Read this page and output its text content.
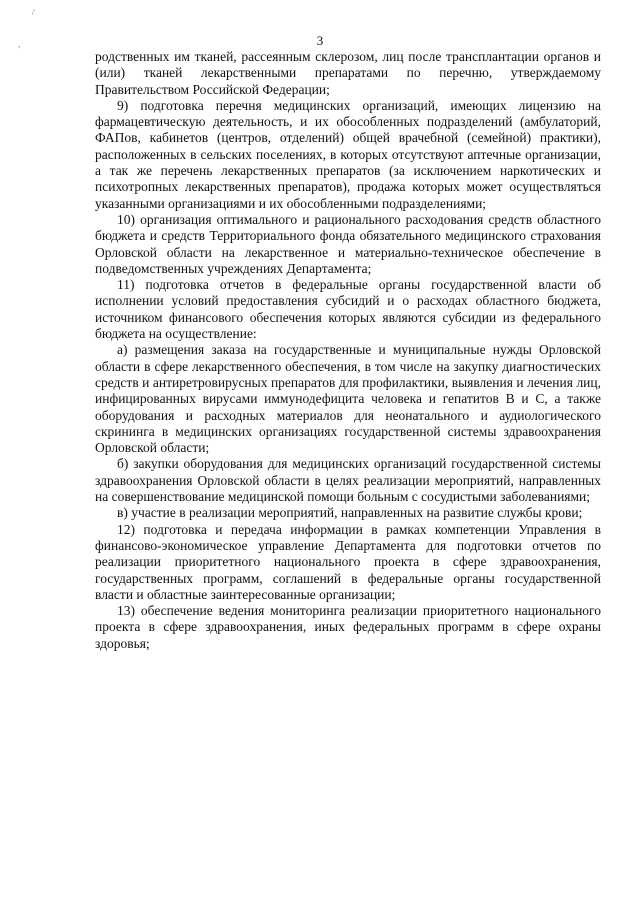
/
,	3

родственных им тканей, рассеянным склерозом, лиц после трансплантации органов и (или) тканей лекарственными препаратами по перечню, утверждаемому Правительством Российской Федерации;

9) подготовка перечня медицинских организаций, имеющих лицензию на фармацевтическую деятельность, и их обособленных подразделений (амбулаторий, ФАПов, кабинетов (центров, отделений) общей врачебной (семейной) практики), расположенных в сельских поселениях, в которых отсутствуют аптечные организации, а так же перечень лекарственных препаратов (за исключением наркотических и психотропных лекарственных препаратов), продажа которых может осуществляться указанными организациями и их обособленными подразделениями;

10) организация оптимального и рационального расходования средств областного бюджета и средств Территориального фонда обязательного медицинского страхования Орловской области на лекарственное и материально-техническое обеспечение в подведомственных учреждениях Департамента;

11) подготовка отчетов в федеральные органы государственной власти об исполнении условий предоставления субсидий и о расходах областного бюджета, источником финансового обеспечения которых являются субсидии из федерального бюджета на осуществление:

а) размещения заказа на государственные и муниципальные нужды Орловской области в сфере лекарственного обеспечения, в том числе на закупку диагностических средств и антиретровирусных препаратов для профилактики, выявления и лечения лиц, инфицированных вирусами иммунодефицита человека и гепатитов В и С, а также оборудования и расходных материалов для неонатального и аудиологического скрининга в медицинских организациях государственной системы здравоохранения Орловской области;

б) закупки оборудования для медицинских организаций государственной системы здравоохранения Орловской области в целях реализации мероприятий, направленных на совершенствование медицинской помощи больным с сосудистыми заболеваниями;

в) участие в реализации мероприятий, направленных на развитие службы крови;

12) подготовка и передача информации в рамках компетенции Управления в финансово-экономическое управление Департамента для подготовки отчетов по реализации приоритетного национального проекта в сфере здравоохранения, государственных программ, соглашений в федеральные органы государственной власти и областные заинтересованные организации;

13) обеспечение ведения мониторинга реализации приоритетного национального проекта в сфере здравоохранения, иных федеральных программ в сфере охраны здоровья;
